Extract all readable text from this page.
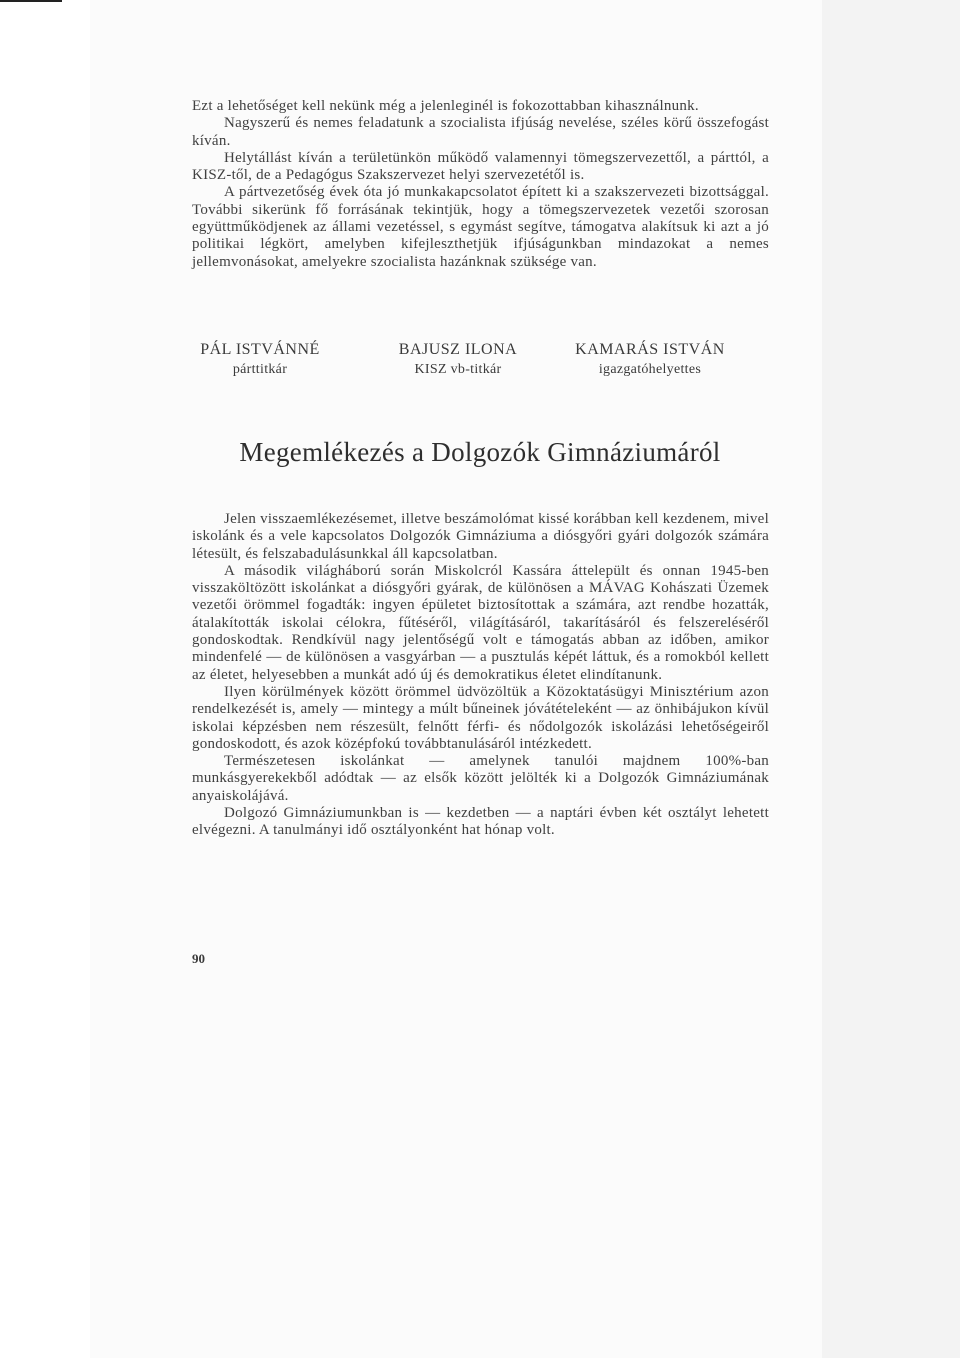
Ezt a lehetőséget kell nekünk még a jelenleginél is fokozottabban kihasználnunk.

Nagyszerű és nemes feladatunk a szocialista ifjúság nevelése, széles körű összefogást kíván.

Helytállást kíván a területünkön működő valamennyi tömegszervezettől, a párttól, a KISZ-től, de a Pedagógus Szakszervezet helyi szervezetétől is.

A pártvezetőség évek óta jó munkakapcsolatot épített ki a szakszervezeti bizottsággal. További sikerünk fő forrásának tekintjük, hogy a tömegszervezetek vezetői szorosan együttműködjenek az állami vezetéssel, s egymást segítve, támogatva alakítsuk ki azt a jó politikai légkört, amelyben kifejleszthetjük ifjúságunkban mindazokat a nemes jellemvonásokat, amelyekre szocialista hazánknak szüksége van.

PÁL ISTVÁNNÉ
párttitkár
BAJUSZ ILONA
KISZ vb-titkár
KAMARÁS ISTVÁN
igazgatóhelyettes
Megemlékezés a Dolgozók Gimnáziumáról

Jelen visszaemlékezésemet, illetve beszámolómat kissé korábban kell kezdenem, mivel iskolánk és a vele kapcsolatos Dolgozók Gimnáziuma a diósgyőri gyári dolgozók számára létesült, és felszabadulásunkkal áll kapcsolatban.

A második világháború során Miskolcról Kassára áttelepült és onnan 1945-ben visszaköltözött iskolánkat a diósgyőri gyárak, de különösen a MÁVAG Kohászati Üzemek vezetői örömmel fogadták: ingyen épületet biztosítottak a számára, azt rendbe hozatták, átalakították iskolai célokra, fűtéséről, világításáról, takarításáról és felszereléséről gondoskodtak. Rendkívül nagy jelentőségű volt e támogatás abban az időben, amikor mindenfelé — de különösen a vasgyárban — a pusztulás képét láttuk, és a romokból kellett az életet, helyesebben a munkát adó új és demokratikus életet elindítanunk.

Ilyen körülmények között örömmel üdvözöltük a Közoktatásügyi Minisztérium azon rendelkezését is, amely — mintegy a múlt bűneinek jóvátételeként — az önhibájukon kívül iskolai képzésben nem részesült, felnőtt férfi- és nődolgozók iskolázási lehetőségeiről gondoskodott, és azok középfokú továbbtanulásáról intézkedett.

Természetesen iskolánkat — amelynek tanulói majdnem 100%-ban munkásgyerekekből adódtak — az elsők között jelölték ki a Dolgozók Gimnáziumának anyaiskolájává.

Dolgozó Gimnáziumunkban is — kezdetben — a naptári évben két osztályt lehetett elvégezni. A tanulmányi idő osztályonként hat hónap volt.

90
